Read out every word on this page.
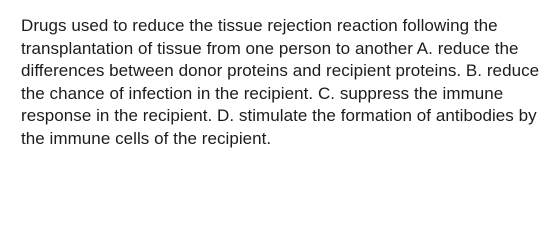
Drugs used to reduce the tissue rejection reaction following the transplantation of tissue from one person to another A. reduce the differences between donor proteins and recipient proteins. B. reduce the chance of infection in the recipient. C. suppress the immune response in the recipient. D. stimulate the formation of antibodies by the immune cells of the recipient.
